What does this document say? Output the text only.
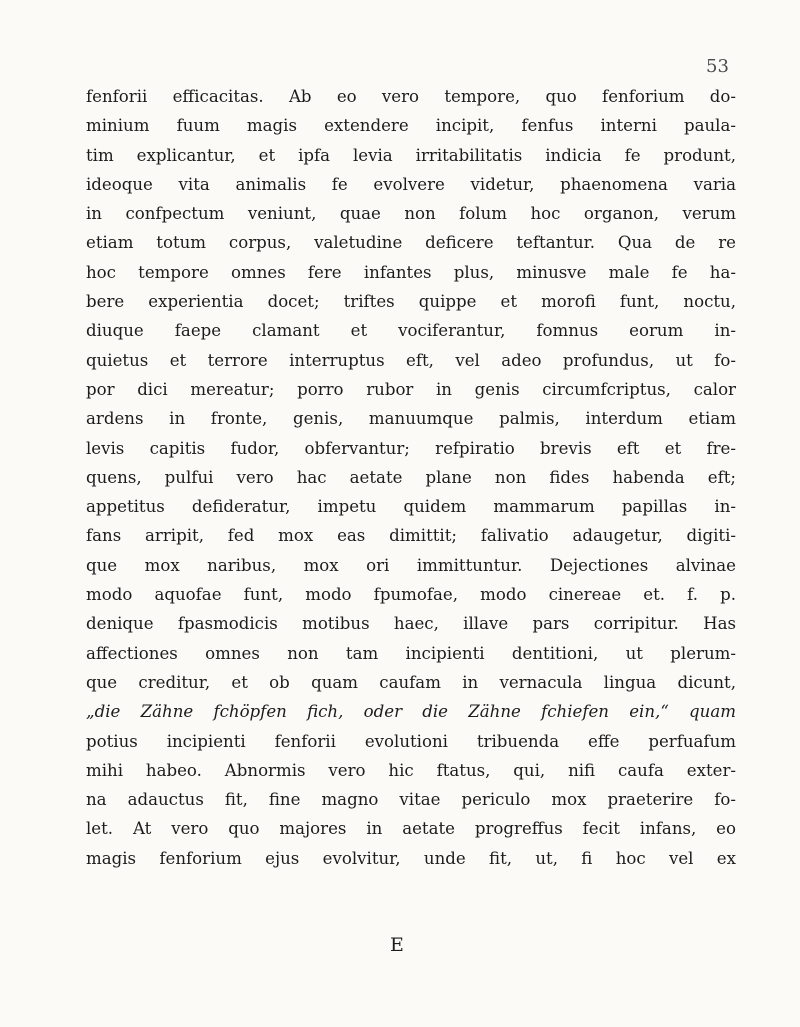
53
fenforii efficacitas. Ab eo vero tempore, quo fenforium do-
minium fuum magis extendere incipit, fenfus interni paula-
tim explicantur, et ipfa levia irritabilitatis indicia fe produnt,
ideoque vita animalis fe evolvere videtur, phaenomena varia
in confpectum veniunt, quae non folum hoc organon, verum
etiam totum corpus, valetudine deficere teftantur. Qua de re
hoc tempore omnes fere infantes plus, minusve male fe ha-
bere experientia docet; triftes quippe et morofi funt, noctu,
diuque faepe clamant et vociferantur, fomnus eorum in-
quietus et terrore interruptus eft, vel adeo profundus, ut fo-
por dici mereatur; porro rubor in genis circumfcriptus, calor
ardens in fronte, genis, manuumque palmis, interdum etiam
levis capitis fudor, obfervantur; refpiratio brevis eft et fre-
quens, pulfui vero hac aetate plane non fides habenda eft;
appetitus defideratur, impetu quidem mammarum papillas in-
fans arripit, fed mox eas dimittit; falivatio adaugetur, digiti-
que mox naribus, mox ori immittuntur. Dejectiones alvinae
modo aquofae funt, modo fpumofae, modo cinereae et. f. p.
denique fpasmodicis motibus haec, illave pars corripitur. Has
affectiones omnes non tam incipienti dentitioni, ut plerum-
que creditur, et ob quam caufam in vernacula lingua dicunt,
„die Zähne fchöpfen fich, oder die Zähne fchiefen ein,“ quam
potius incipienti fenforii evolutioni tribuenda effe perfuafum
mihi habeo. Abnormis vero hic ftatus, qui, nifi caufa exter-
na adauctus fit, fine magno vitae periculo mox praeterire fo-
let. At vero quo majores in aetate progreffus fecit infans, eo
magis fenforium ejus evolvitur, unde fit, ut, fi hoc vel ex
E
